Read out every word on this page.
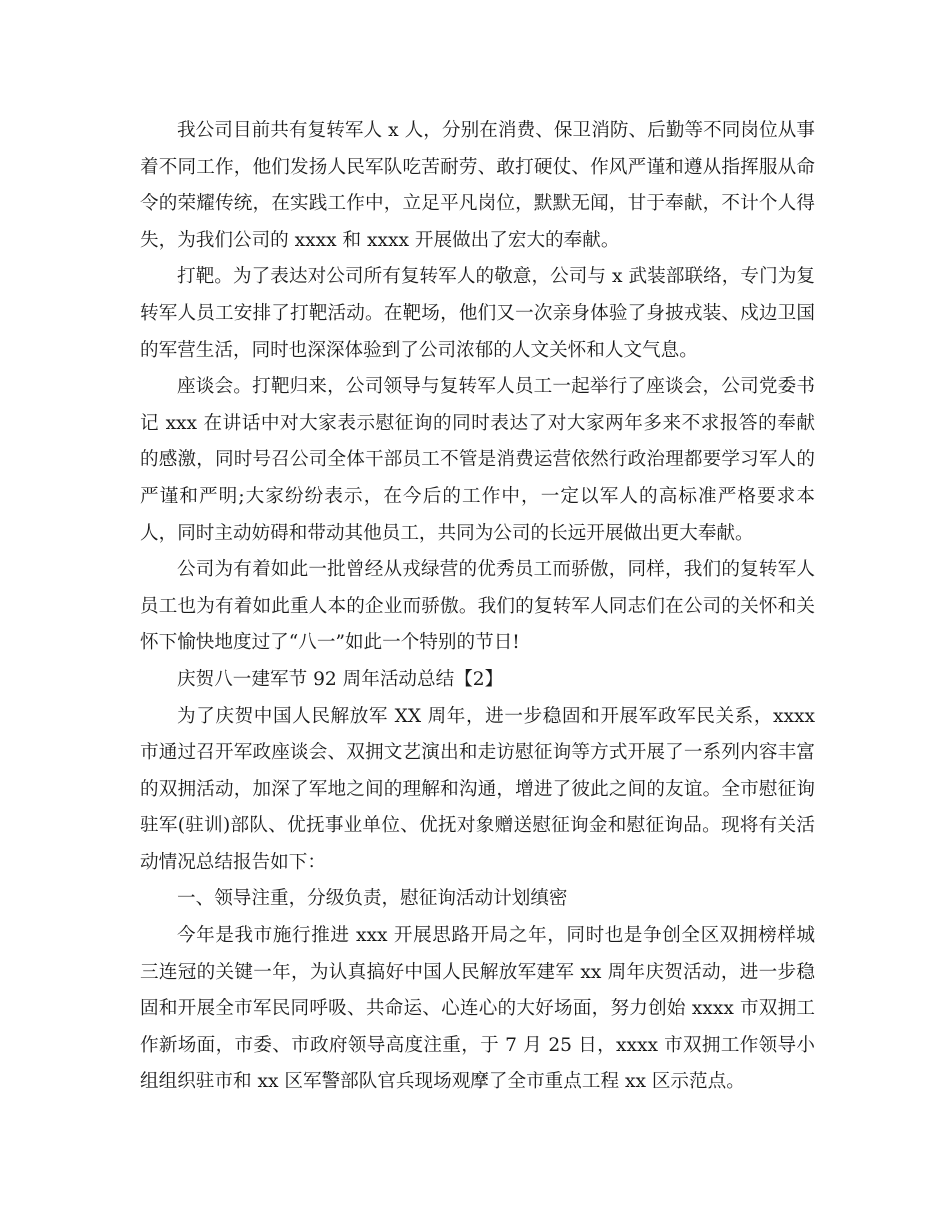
我公司目前共有复转军人 x 人，分别在消费、保卫消防、后勤等不同岗位从事着不同工作，他们发扬人民军队吃苦耐劳、敢打硬仗、作风严谨和遵从指挥服从命令的荣耀传统，在实践工作中，立足平凡岗位，默默无闻，甘于奉献，不计个人得失，为我们公司的 xxxx 和 xxxx 开展做出了宏大的奉献。

打靶。为了表达对公司所有复转军人的敬意，公司与 x 武装部联络，专门为复转军人员工安排了打靶活动。在靶场，他们又一次亲身体验了身披戎装、戍边卫国的军营生活，同时也深深体验到了公司浓郁的人文关怀和人文气息。

座谈会。打靶归来，公司领导与复转军人员工一起举行了座谈会，公司党委书记 xxx 在讲话中对大家表示慰征询的同时表达了对大家两年多来不求报答的奉献的感激，同时号召公司全体干部员工不管是消费运营依然行政治理都要学习军人的严谨和严明;大家纷纷表示，在今后的工作中，一定以军人的高标准严格要求本人，同时主动妨碍和带动其他员工，共同为公司的长远开展做出更大奉献。

公司为有着如此一批曾经从戎绿营的优秀员工而骄傲，同样，我们的复转军人员工也为有着如此重人本的企业而骄傲。我们的复转军人同志们在公司的关怀和关怀下愉快地度过了“八一”如此一个特别的节日!

庆贺八一建军节 92 周年活动总结【2】

为了庆贺中国人民解放军 XX 周年，进一步稳固和开展军政军民关系，xxxx 市通过召开军政座谈会、双拥文艺演出和走访慰征询等方式开展了一系列内容丰富的双拥活动，加深了军地之间的理解和沟通，增进了彼此之间的友谊。全市慰征询驻军(驻训)部队、优抚事业单位、优抚对象赠送慰征询金和慰征询品。现将有关活动情况总结报告如下：

一、领导注重，分级负责，慰征询活动计划缜密

今年是我市施行推进 xxx 开展思路开局之年，同时也是争创全区双拥榜样城三连冠的关键一年，为认真搞好中国人民解放军建军 xx 周年庆贺活动，进一步稳固和开展全市军民同呼吸、共命运、心连心的大好场面，努力创始 xxxx 市双拥工作新场面，市委、市政府领导高度注重，于 7 月 25 日，xxxx 市双拥工作领导小组组织驻市和 xx 区军警部队官兵现场观摩了全市重点工程 xx 区示范点。
